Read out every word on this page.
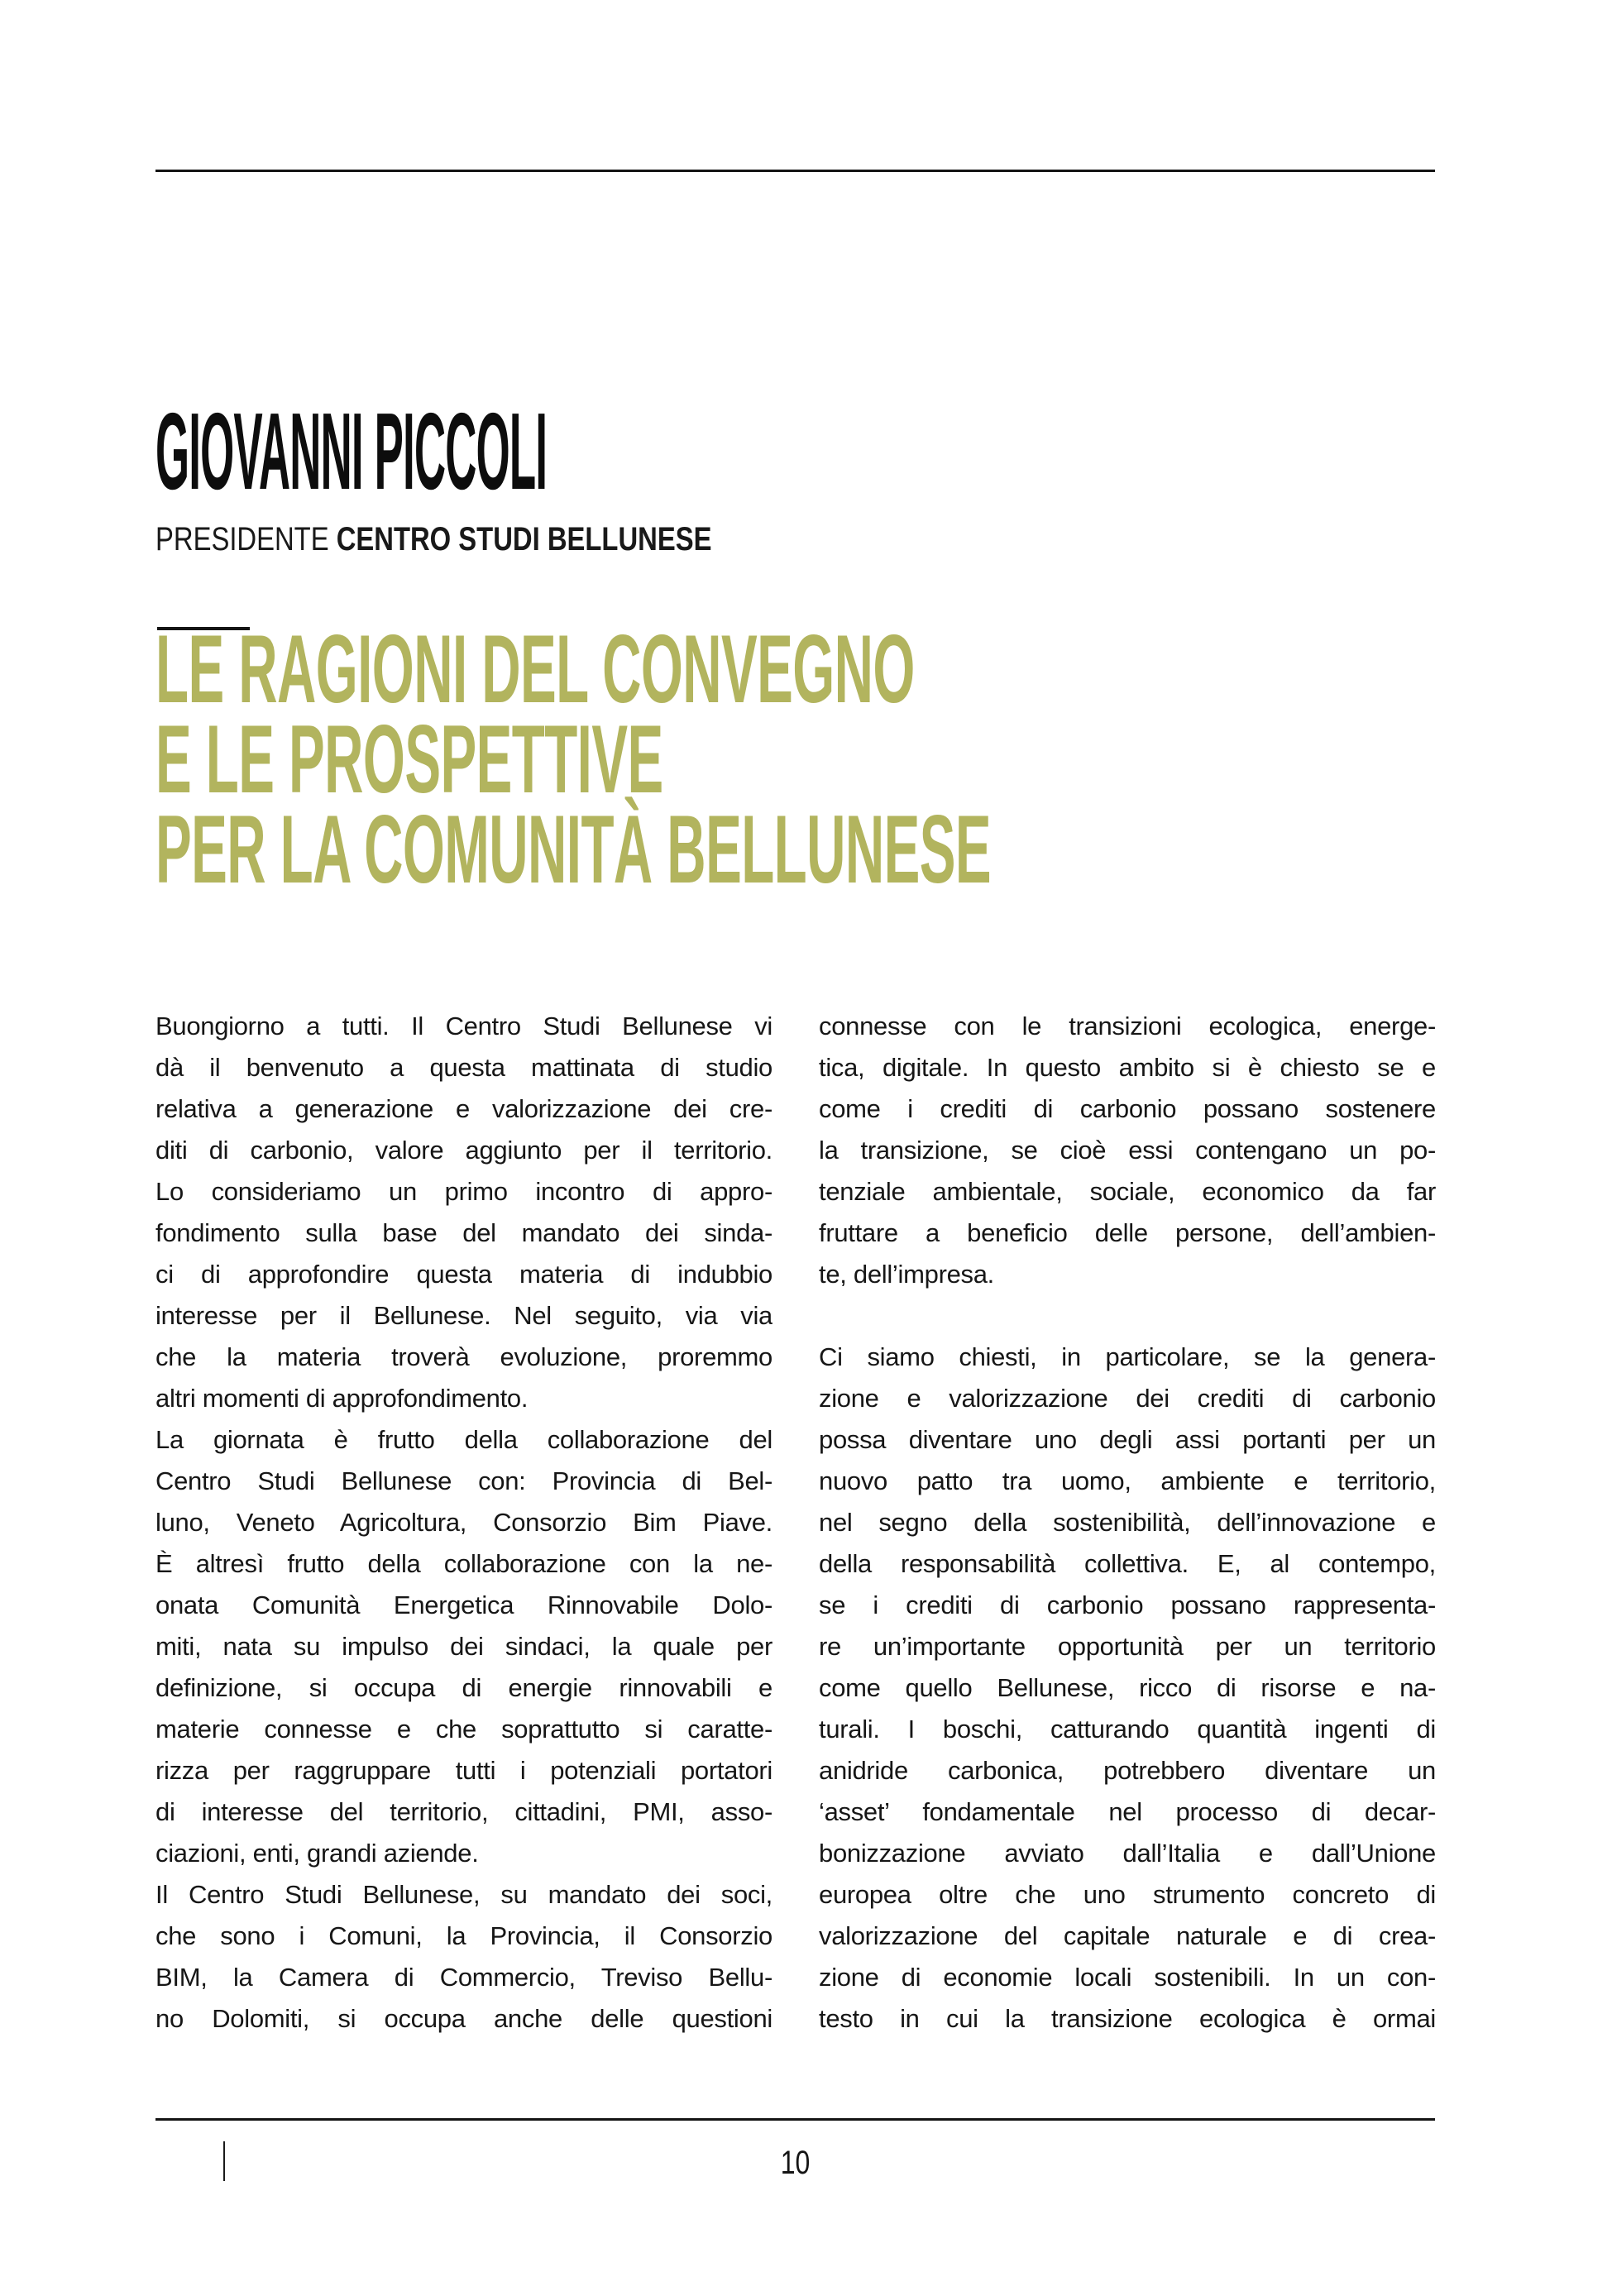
GIOVANNI PICCOLI
PRESIDENTE CENTRO STUDI BELLUNESE
LE RAGIONI DEL CONVEGNO
E LE PROSPETTIVE
PER LA COMUNITÀ BELLUNESE
Buongiorno a tutti. Il Centro Studi Bellunese vi
dà il benvenuto a questa mattinata di studio
relativa a generazione e valorizzazione dei cre-
diti di carbonio, valore aggiunto per il territorio.
Lo consideriamo un primo incontro di appro-
fondimento sulla base del mandato dei sinda-
ci di approfondire questa materia di indubbio
interesse per il Bellunese. Nel seguito, via via
che la materia troverà evoluzione, proremmo
altri momenti di approfondimento.
La giornata è frutto della collaborazione del
Centro Studi Bellunese con: Provincia di Bel-
luno, Veneto Agricoltura, Consorzio Bim Piave.
È altresì frutto della collaborazione con la ne-
onata Comunità Energetica Rinnovabile Dolo-
miti, nata su impulso dei sindaci, la quale per
definizione, si occupa di energie rinnovabili e
materie connesse e che soprattutto si caratte-
rizza per raggruppare tutti i potenziali portatori
di interesse del territorio, cittadini, PMI, asso-
ciazioni, enti, grandi aziende.
Il Centro Studi Bellunese, su mandato dei soci,
che sono i Comuni, la Provincia, il Consorzio
BIM, la Camera di Commercio, Treviso Bellu-
no Dolomiti, si occupa anche delle questioni
connesse con le transizioni ecologica, energe-
tica, digitale. In questo ambito si è chiesto se e
come i crediti di carbonio possano sostenere
la transizione, se cioè essi contengano un po-
tenziale ambientale, sociale, economico da far
fruttare a beneficio delle persone, dell’ambien-
te, dell’impresa.

Ci siamo chiesti, in particolare, se la genera-
zione e valorizzazione dei crediti di carbonio
possa diventare uno degli assi portanti per un
nuovo patto tra uomo, ambiente e territorio,
nel segno della sostenibilità, dell’innovazione e
della responsabilità collettiva. E, al contempo,
se i crediti di carbonio possano rappresenta-
re un’importante opportunità per un territorio
come quello Bellunese, ricco di risorse e na-
turali. I boschi, catturando quantità ingenti di
anidride carbonica, potrebbero diventare un
‘asset’ fondamentale nel processo di decar-
bonizzazione avviato dall’Italia e dall’Unione
europea oltre che uno strumento concreto di
valorizzazione del capitale naturale e di crea-
zione di economie locali sostenibili. In un con-
testo in cui la transizione ecologica è ormai
10
